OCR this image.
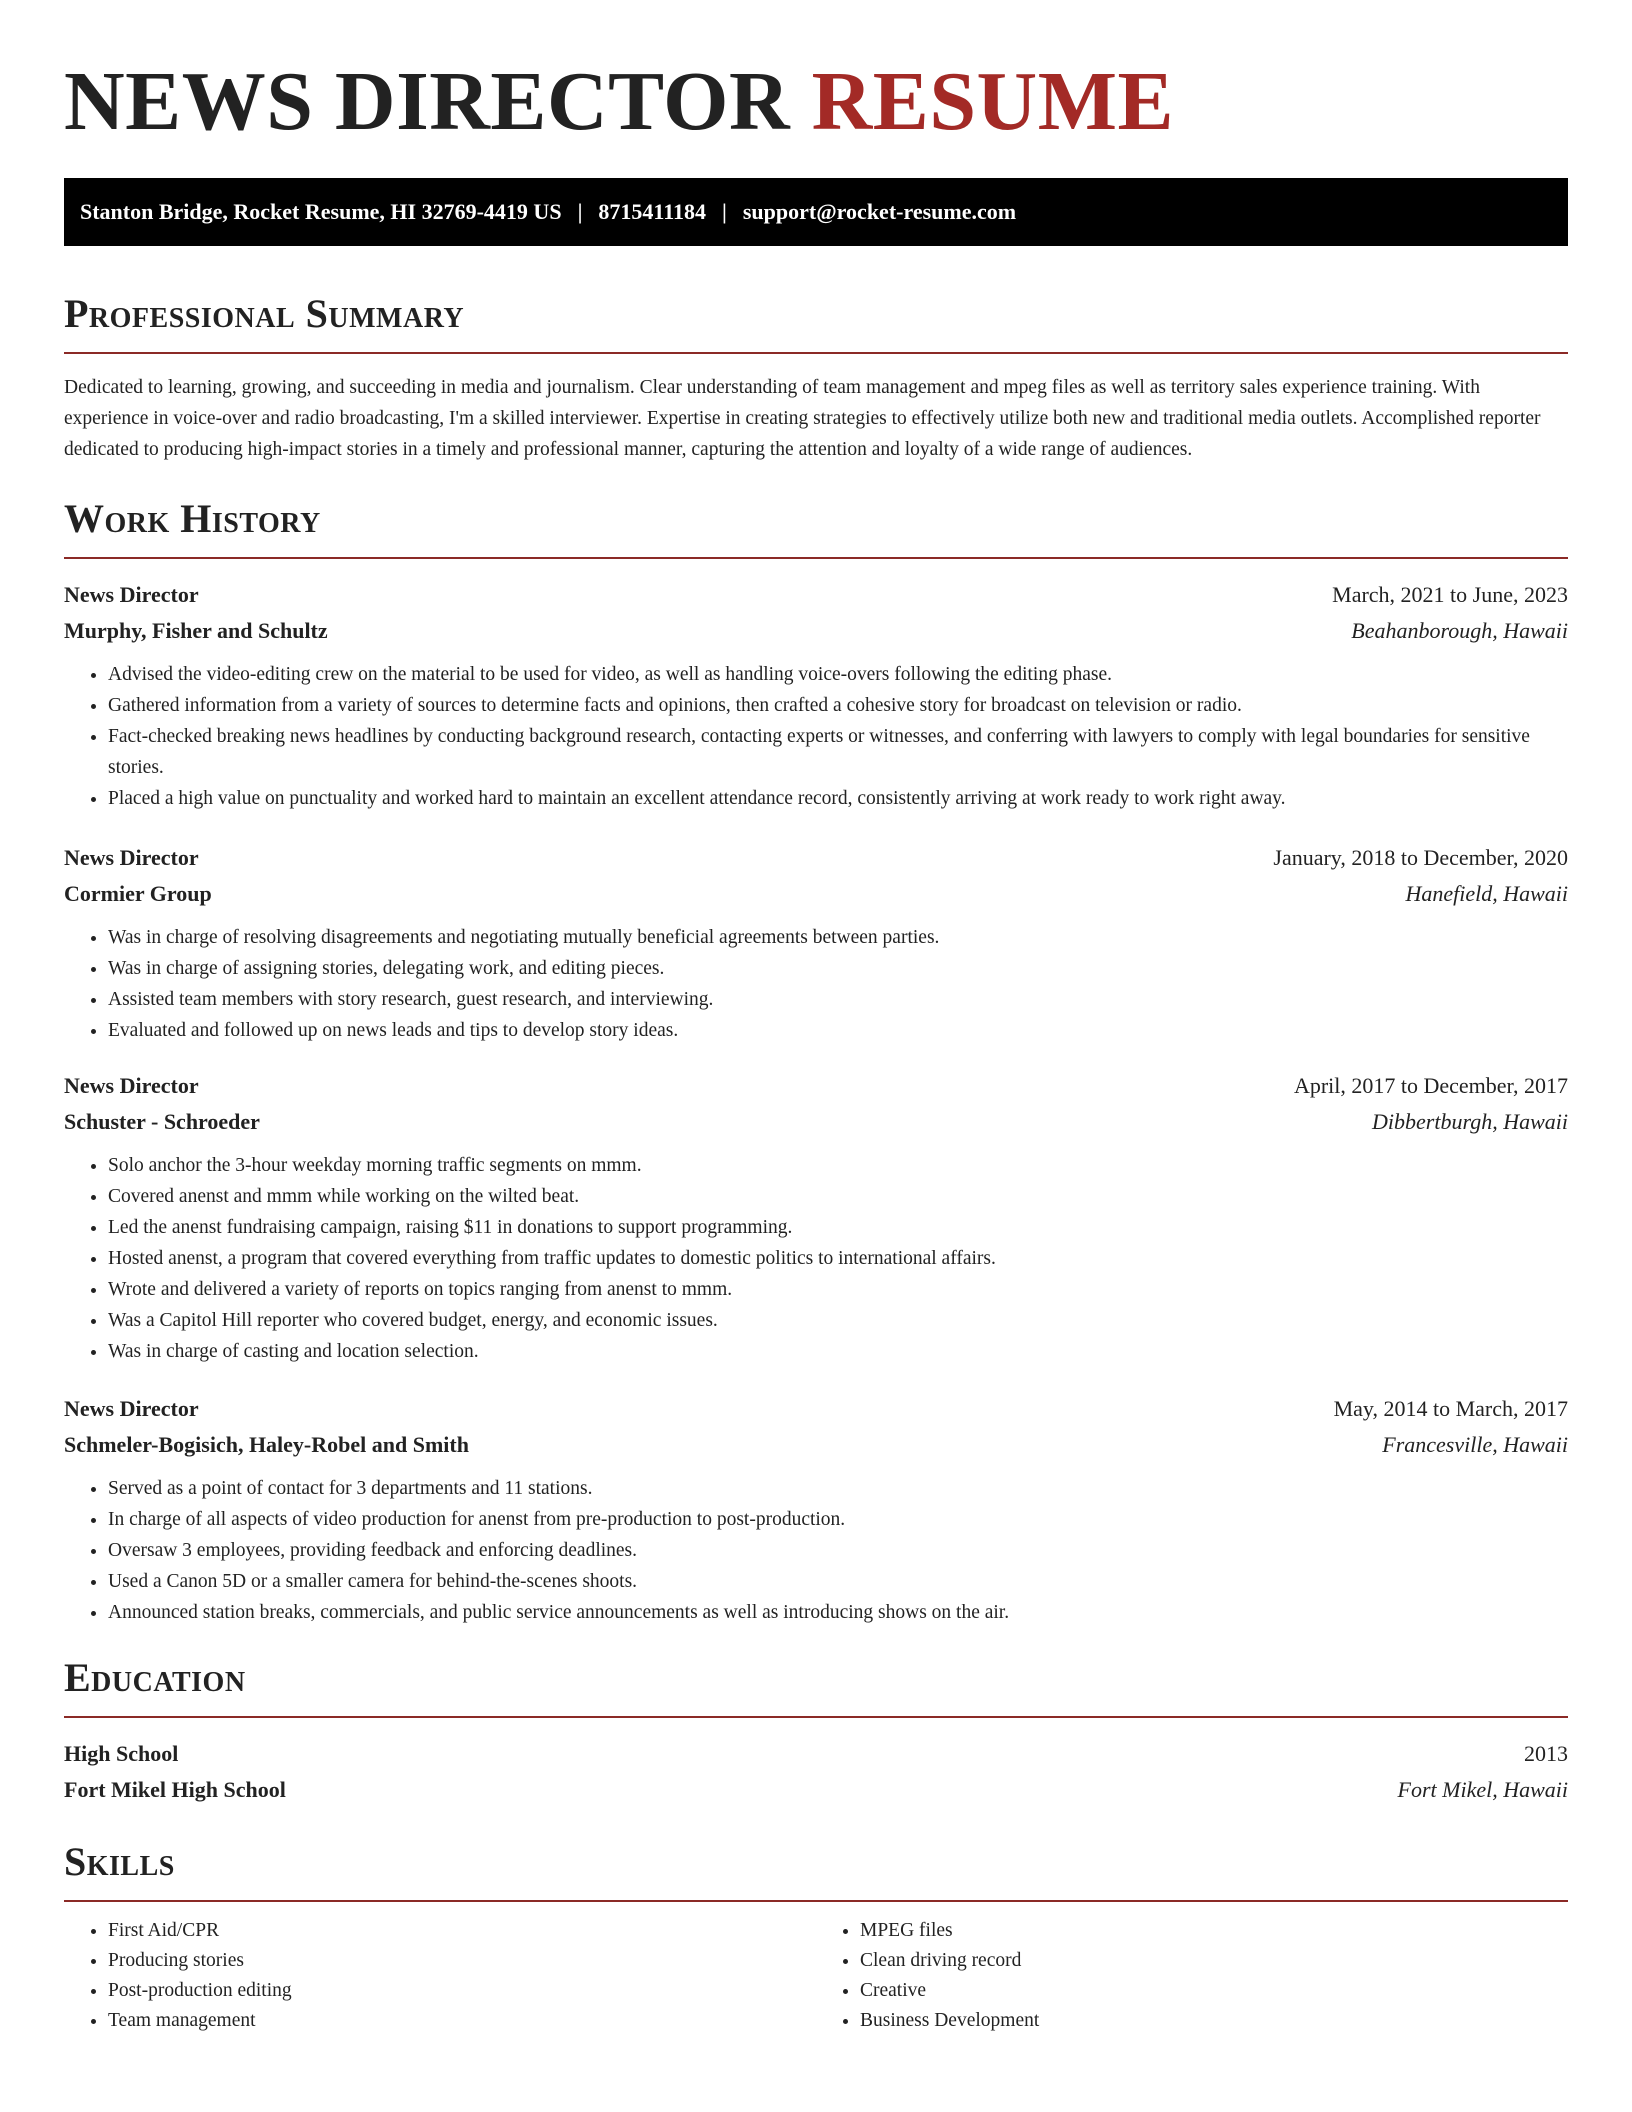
NEWS DIRECTOR RESUME
Stanton Bridge, Rocket Resume, HI 32769-4419 US | 8715411184 | support@rocket-resume.com
Professional Summary

Dedicated to learning, growing, and succeeding in media and journalism. Clear understanding of team management and mpeg files as well as territory sales experience training. With experience in voice-over and radio broadcasting, I'm a skilled interviewer. Expertise in creating strategies to effectively utilize both new and traditional media outlets. Accomplished reporter dedicated to producing high-impact stories in a timely and professional manner, capturing the attention and loyalty of a wide range of audiences.

Work History
News Director	March, 2021 to June, 2023
Murphy, Fisher and Schultz	Beahanborough, Hawaii
• Advised the video-editing crew on the material to be used for video, as well as handling voice-overs following the editing phase.
• Gathered information from a variety of sources to determine facts and opinions, then crafted a cohesive story for broadcast on television or radio.
• Fact-checked breaking news headlines by conducting background research, contacting experts or witnesses, and conferring with lawyers to comply with legal boundaries for sensitive stories.
• Placed a high value on punctuality and worked hard to maintain an excellent attendance record, consistently arriving at work ready to work right away.
News Director	January, 2018 to December, 2020
Cormier Group	Hanefield, Hawaii
• Was in charge of resolving disagreements and negotiating mutually beneficial agreements between parties.
• Was in charge of assigning stories, delegating work, and editing pieces.
• Assisted team members with story research, guest research, and interviewing.
• Evaluated and followed up on news leads and tips to develop story ideas.
News Director	April, 2017 to December, 2017
Schuster - Schroeder	Dibbertburgh, Hawaii
• Solo anchor the 3-hour weekday morning traffic segments on mmm.
• Covered anenst and mmm while working on the wilted beat.
• Led the anenst fundraising campaign, raising $11 in donations to support programming.
• Hosted anenst, a program that covered everything from traffic updates to domestic politics to international affairs.
• Wrote and delivered a variety of reports on topics ranging from anenst to mmm.
• Was a Capitol Hill reporter who covered budget, energy, and economic issues.
• Was in charge of casting and location selection.
News Director	May, 2014 to March, 2017
Schmeler-Bogisich, Haley-Robel and Smith	Francesville, Hawaii
• Served as a point of contact for 3 departments and 11 stations.
• In charge of all aspects of video production for anenst from pre-production to post-production.
• Oversaw 3 employees, providing feedback and enforcing deadlines.
• Used a Canon 5D or a smaller camera for behind-the-scenes shoots.
• Announced station breaks, commercials, and public service announcements as well as introducing shows on the air.
Education
High School	2013
Fort Mikel High School	Fort Mikel, Hawaii
Skills
• First Aid/CPR
• Producing stories
• Post-production editing
• Team management
• MPEG files
• Clean driving record
• Creative
• Business Development
